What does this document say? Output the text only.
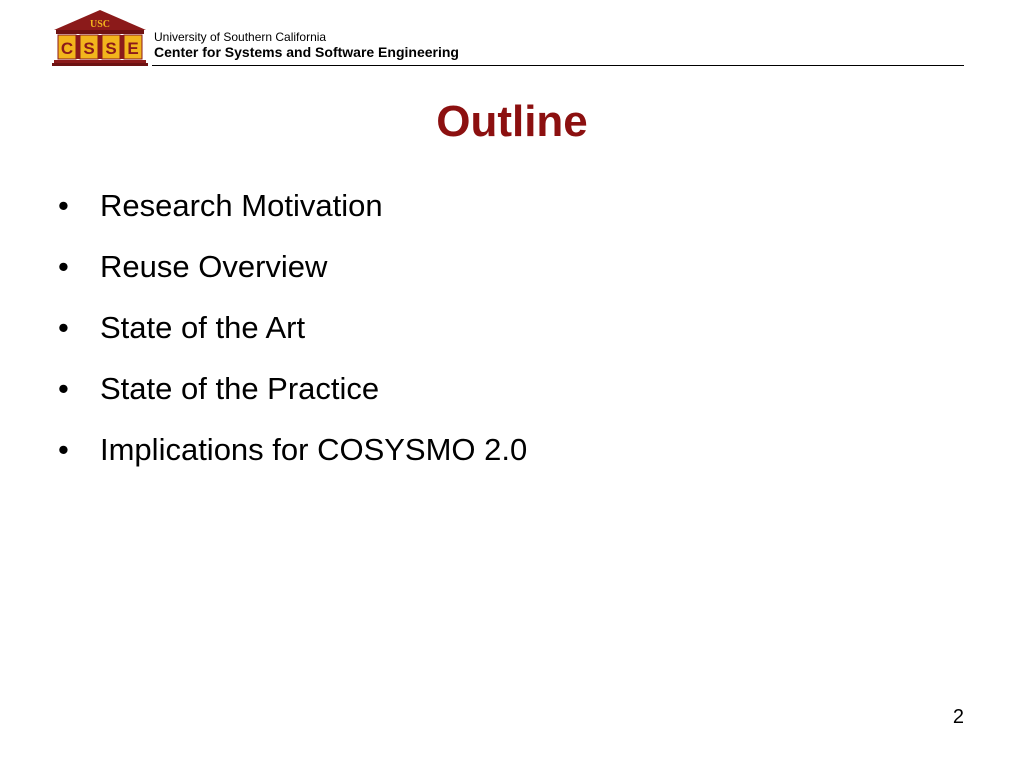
USC
C S S E
University of Southern California
Center for Systems and Software Engineering
Outline
• Research Motivation
• Reuse Overview
• State of the Art
• State of the Practice
• Implications for COSYSMO 2.0
2
